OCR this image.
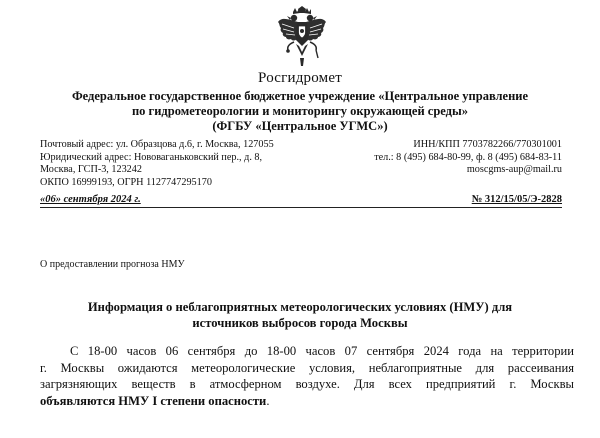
Росгидромет
Федеральное государственное бюджетное учреждение «Центральное управление
по гидрометеорологии и мониторингу окружающей среды»
(ФГБУ «Центральное УГМС»)
Почтовый адрес: ул. Образцова д.6, г. Москва, 127055
Юридический адрес: Нововаганьковский пер., д. 8,
Москва, ГСП-3, 123242
ОКПО 16999193, ОГРН 1127747295170
ИНН/КПП 7703782266/770301001
тел.: 8 (495) 684-80-99, ф. 8 (495) 684-83-11
moscgms-aup@mail.ru
«06» сентября 2024 г.	№ 312/15/05/Э-2828
О предоставлении прогноза НМУ
Информация о неблагоприятных метеорологических условиях (НМУ) для
источников выбросов города Москвы
С 18-00 часов 06 сентября до 18-00 часов 07 сентября 2024 года на территории
г. Москвы ожидаются метеорологические условия, неблагоприятные для рассеивания
загрязняющих веществ в атмосферном воздухе. Для всех предприятий г. Москвы
объявляются НМУ I степени опасности.
